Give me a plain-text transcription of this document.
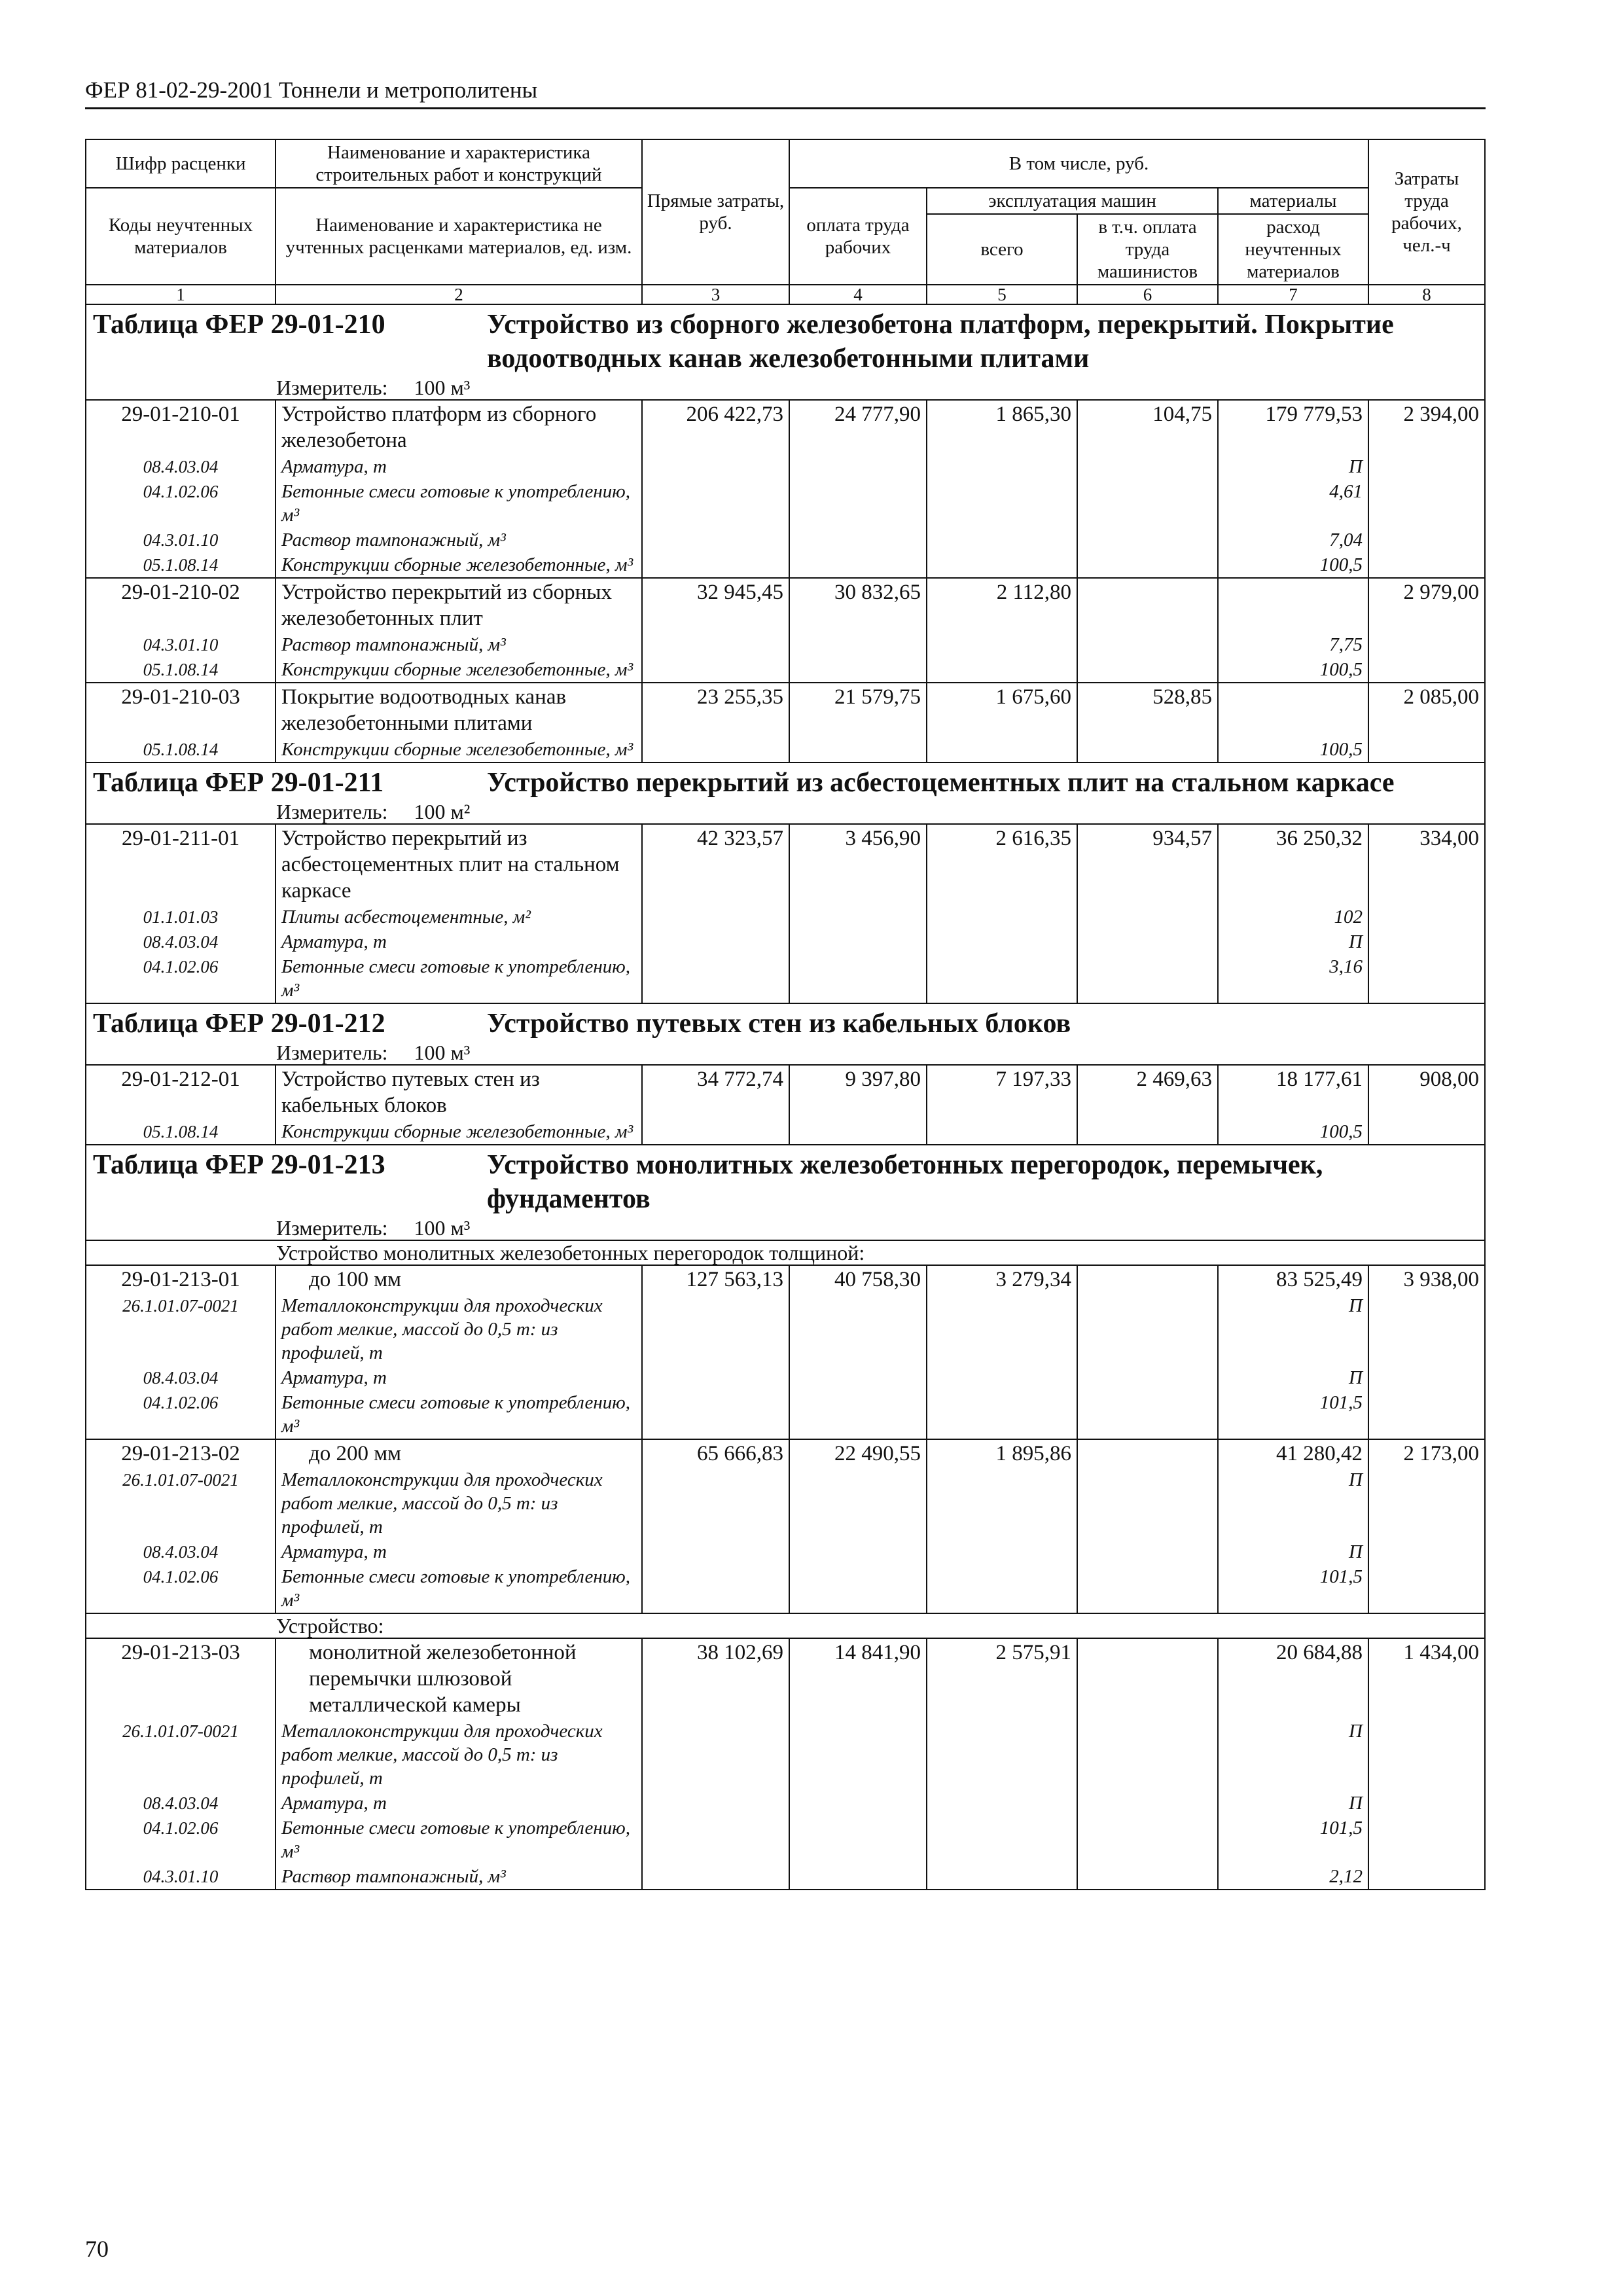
ФЕР 81-02-29-2001 Тоннели и метрополитены
Шифр расценки	Наименование и характеристика строительных работ и конструкций	Прямые затраты, руб.	В том числе, руб.				Затраты труда рабочих, чел.-ч
Коды неучтенных материалов	Наименование и характеристика не учтенных расценками материалов, ед. изм.		оплата труда рабочих	эксплуатация машин		материалы	
				всего	в т.ч. оплата труда машинистов	расход неучтенных материалов	
1	2	3	4	5	6	7	8

Таблица ФЕР 29-01-210 Устройство из сборного железобетона платформ, перекрытий. Покрытие водоотводных канав железобетонными плитами							

Измеритель: 100 м³							
29-01-210-01	Устройство платформ из сборного железобетона	206 422,73	24 777,90	1 865,30	104,75	179 779,53	2 394,00
08.4.03.04	Арматура, т					П	
04.1.02.06	Бетонные смеси готовые к употреблению, м³					4,61	
04.3.01.10	Раствор тампонажный, м³					7,04	
05.1.08.14	Конструкции сборные железобетонные, м³					100,5	
29-01-210-02	Устройство перекрытий из сборных железобетонных плит	32 945,45	30 832,65	2 112,80			2 979,00
04.3.01.10	Раствор тампонажный, м³					7,75	
05.1.08.14	Конструкции сборные железобетонные, м³					100,5	
29-01-210-03	Покрытие водоотводных канав железобетонными плитами	23 255,35	21 579,75	1 675,60	528,85		2 085,00
05.1.08.14	Конструкции сборные железобетонные, м³					100,5	

Таблица ФЕР 29-01-211 Устройство перекрытий из асбестоцементных плит на стальном каркасе							

Измеритель: 100 м²							
29-01-211-01	Устройство перекрытий из асбестоцементных плит на стальном каркасе	42 323,57	3 456,90	2 616,35	934,57	36 250,32	334,00
01.1.01.03	Плиты асбестоцементные, м²					102	
08.4.03.04	Арматура, т					П	
04.1.02.06	Бетонные смеси готовые к употреблению, м³					3,16	

Таблица ФЕР 29-01-212 Устройство путевых стен из кабельных блоков							

Измеритель: 100 м³							
29-01-212-01	Устройство путевых стен из кабельных блоков	34 772,74	9 397,80	7 197,33	2 469,63	18 177,61	908,00
05.1.08.14	Конструкции сборные железобетонные, м³					100,5	

Таблица ФЕР 29-01-213 Устройство монолитных железобетонных перегородок, перемычек, фундаментов							

Измеритель: 100 м³							
Устройство монолитных железобетонных перегородок толщиной:							
29-01-213-01	до 100 мм	127 563,13	40 758,30	3 279,34		83 525,49	3 938,00
26.1.01.07-0021	Металлоконструкции для проходческих работ мелкие, массой до 0,5 т: из профилей, т					П	
08.4.03.04	Арматура, т					П	
04.1.02.06	Бетонные смеси готовые к употреблению, м³					101,5	
29-01-213-02	до 200 мм	65 666,83	22 490,55	1 895,86		41 280,42	2 173,00
26.1.01.07-0021	Металлоконструкции для проходческих работ мелкие, массой до 0,5 т: из профилей, т					П	
08.4.03.04	Арматура, т					П	
04.1.02.06	Бетонные смеси готовые к употреблению, м³					101,5	
Устройство:							
29-01-213-03	монолитной железобетонной перемычки шлюзовой металлической камеры	38 102,69	14 841,90	2 575,91		20 684,88	1 434,00
26.1.01.07-0021	Металлоконструкции для проходческих работ мелкие, массой до 0,5 т: из профилей, т					П	
08.4.03.04	Арматура, т					П	
04.1.02.06	Бетонные смеси готовые к употреблению, м³					101,5	
04.3.01.10	Раствор тампонажный, м³					2,12	
70
